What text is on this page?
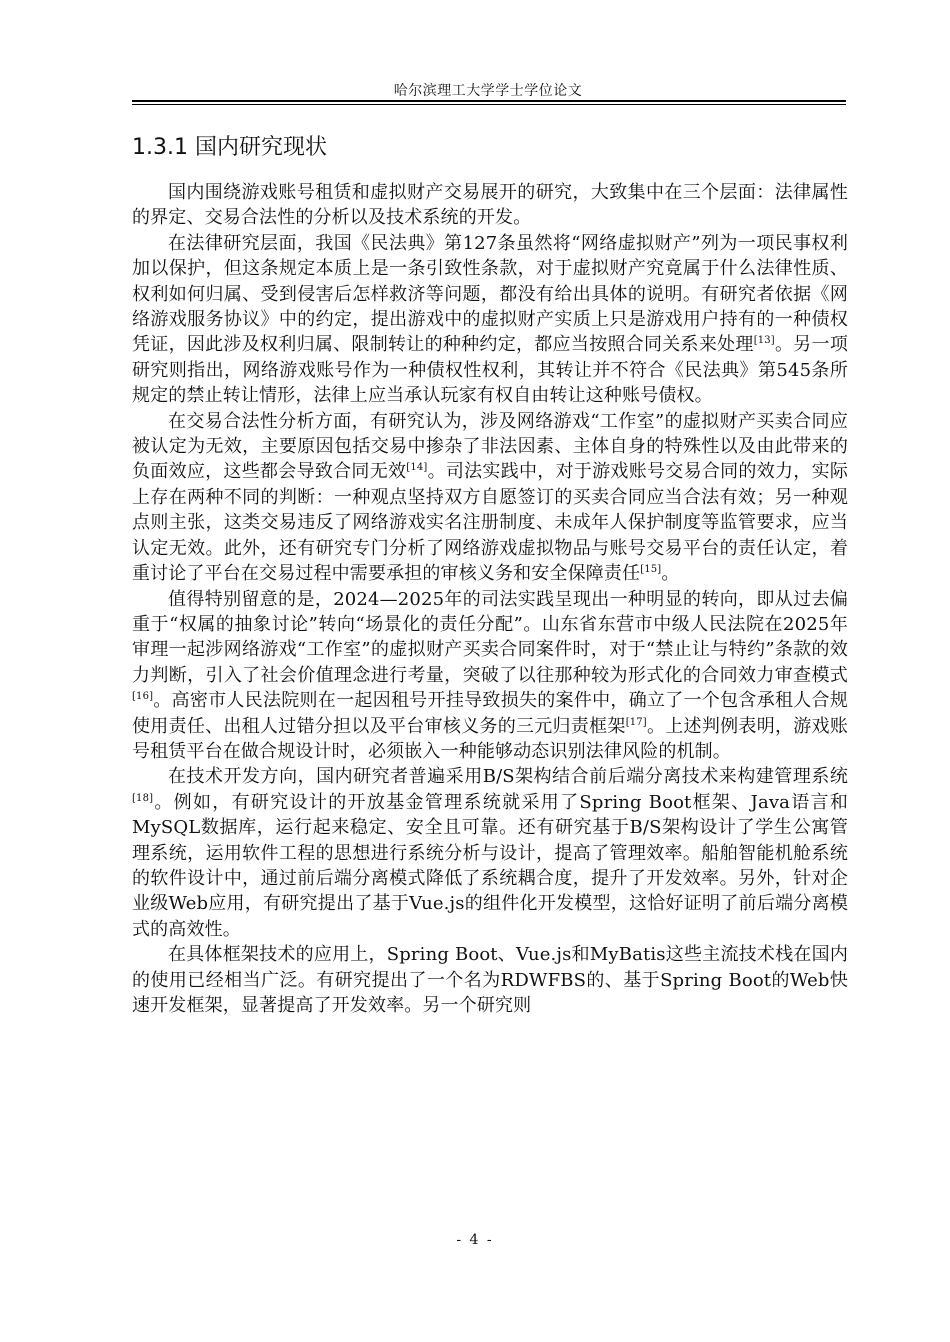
哈尔滨理工大学学士学位论文
1.3.1 国内研究现状

国内围绕游戏账号租赁和虚拟财产交易展开的研究，大致集中在三个层面：法律属性的界定、交易合法性的分析以及技术系统的开发。

在法律研究层面，我国《民法典》第127条虽然将“网络虚拟财产”列为一项民事权利加以保护，但这条规定本质上是一条引致性条款，对于虚拟财产究竟属于什么法律性质、权利如何归属、受到侵害后怎样救济等问题，都没有给出具体的说明。有研究者依据《网络游戏服务协议》中的约定，提出游戏中的虚拟财产实质上只是游戏用户持有的一种债权凭证，因此涉及权利归属、限制转让的种种约定，都应当按照合同关系来处理[13]。另一项研究则指出，网络游戏账号作为一种债权性权利，其转让并不符合《民法典》第545条所规定的禁止转让情形，法律上应当承认玩家有权自由转让这种账号债权。

在交易合法性分析方面，有研究认为，涉及网络游戏“工作室”的虚拟财产买卖合同应被认定为无效，主要原因包括交易中掺杂了非法因素、主体自身的特殊性以及由此带来的负面效应，这些都会导致合同无效[14]。司法实践中，对于游戏账号交易合同的效力，实际上存在两种不同的判断：一种观点坚持双方自愿签订的买卖合同应当合法有效；另一种观点则主张，这类交易违反了网络游戏实名注册制度、未成年人保护制度等监管要求，应当认定无效。此外，还有研究专门分析了网络游戏虚拟物品与账号交易平台的责任认定，着重讨论了平台在交易过程中需要承担的审核义务和安全保障责任[15]。

值得特别留意的是，2024—2025年的司法实践呈现出一种明显的转向，即从过去偏重于“权属的抽象讨论”转向“场景化的责任分配”。山东省东营市中级人民法院在2025年审理一起涉网络游戏“工作室”的虚拟财产买卖合同案件时，对于“禁止让与特约”条款的效力判断，引入了社会价值理念进行考量，突破了以往那种较为形式化的合同效力审查模式[16]。高密市人民法院则在一起因租号开挂导致损失的案件中，确立了一个包含承租人合规使用责任、出租人过错分担以及平台审核义务的三元归责框架[17]。上述判例表明，游戏账号租赁平台在做合规设计时，必须嵌入一种能够动态识别法律风险的机制。

在技术开发方向，国内研究者普遍采用B/S架构结合前后端分离技术来构建管理系统[18]。例如，有研究设计的开放基金管理系统就采用了Spring Boot框架、Java语言和MySQL数据库，运行起来稳定、安全且可靠。还有研究基于B/S架构设计了学生公寓管理系统，运用软件工程的思想进行系统分析与设计，提高了管理效率。船舶智能机舱系统的软件设计中，通过前后端分离模式降低了系统耦合度，提升了开发效率。另外，针对企业级Web应用，有研究提出了基于Vue.js的组件化开发模型，这恰好证明了前后端分离模式的高效性。

在具体框架技术的应用上，Spring Boot、Vue.js和MyBatis这些主流技术栈在国内的使用已经相当广泛。有研究提出了一个名为RDWFBS的、基于Spring Boot的Web快速开发框架，显著提高了开发效率。另一个研究则

- 4 -
